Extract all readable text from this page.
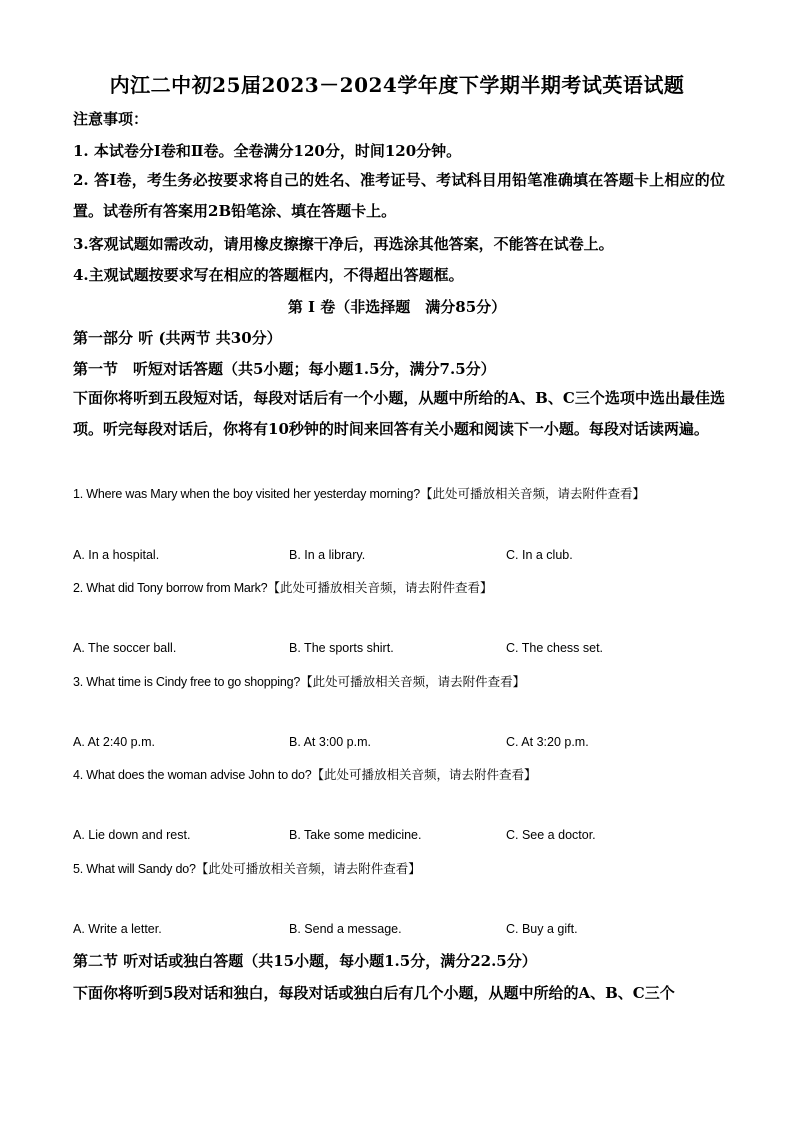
内江二中初25届2023－2024学年度下学期半期考试英语试题
注意事项：
1. 本试卷分Ⅰ卷和Ⅱ卷。全卷满分120分，时间120分钟。
2. 答Ⅰ卷，考生务必按要求将自己的姓名、准考证号、考试科目用铅笔准确填在答题卡上相应的位置。试卷所有答案用2B铅笔涂、填在答题卡上。
3.客观试题如需改动，请用橡皮擦擦干净后，再选涂其他答案，不能答在试卷上。
4.主观试题按要求写在相应的答题框内，不得超出答题框。
第 Ⅰ 卷（非选择题　满分85分）
第一部分 听 (共两节 共30分）
第一节　听短对话答题（共5小题；每小题1.5分，满分7.5分）
下面你将听到五段短对话，每段对话后有一个小题，从题中所给的A、B、C三个选项中选出最佳选项。听完每段对话后，你将有10秒钟的时间来回答有关小题和阅读下一小题。每段对话读两遍。
1. Where was Mary when the boy visited her yesterday morning?【此处可播放相关音频，请去附件查看】
A. In a hospital.	B. In a library.	C. In a club.
2. What did Tony borrow from Mark?【此处可播放相关音频，请去附件查看】
A. The soccer ball.	B. The sports shirt.	C. The chess set.
3. What time is Cindy free to go shopping?【此处可播放相关音频，请去附件查看】
A. At 2:40 p.m.	B. At 3:00 p.m.	C. At 3:20 p.m.
4. What does the woman advise John to do?【此处可播放相关音频，请去附件查看】
A. Lie down and rest.	B. Take some medicine.	C. See a doctor.
5. What will Sandy do?【此处可播放相关音频，请去附件查看】
A. Write a letter.	B. Send a message.	C. Buy a gift.
第二节 听对话或独白答题（共15小题，每小题1.5分，满分22.5分）
下面你将听到5段对话和独白，每段对话或独白后有几个小题，从题中所给的A、B、C三个
